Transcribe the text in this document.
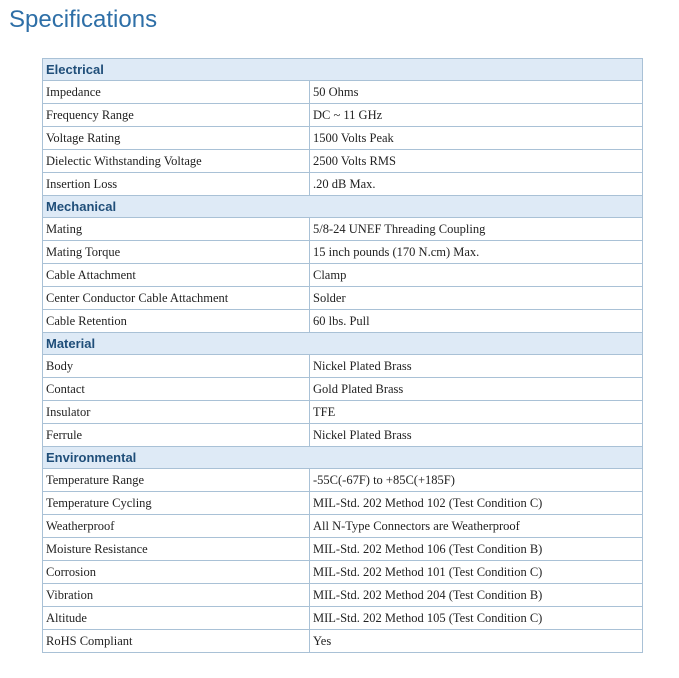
Specifications
Electrical	
Impedance	50 Ohms
Frequency Range	DC ~ 11 GHz
Voltage Rating	1500 Volts Peak
Dielectic Withstanding Voltage	2500 Volts RMS
Insertion Loss	.20 dB Max.
Mechanical	
Mating	5/8-24 UNEF Threading Coupling
Mating Torque	15 inch pounds (170 N.cm) Max.
Cable Attachment	Clamp
Center Conductor Cable Attachment	Solder
Cable Retention	60 lbs. Pull
Material	
Body	Nickel Plated Brass
Contact	Gold Plated Brass
Insulator	TFE
Ferrule	Nickel Plated Brass
Environmental	
Temperature Range	-55C(-67F) to +85C(+185F)
Temperature Cycling	MIL-Std. 202 Method 102 (Test Condition C)
Weatherproof	All N-Type Connectors are Weatherproof
Moisture Resistance	MIL-Std. 202 Method 106 (Test Condition B)
Corrosion	MIL-Std. 202 Method 101 (Test Condition C)
Vibration	MIL-Std. 202 Method 204 (Test Condition B)
Altitude	MIL-Std. 202 Method 105 (Test Condition C)
RoHS Compliant	Yes
